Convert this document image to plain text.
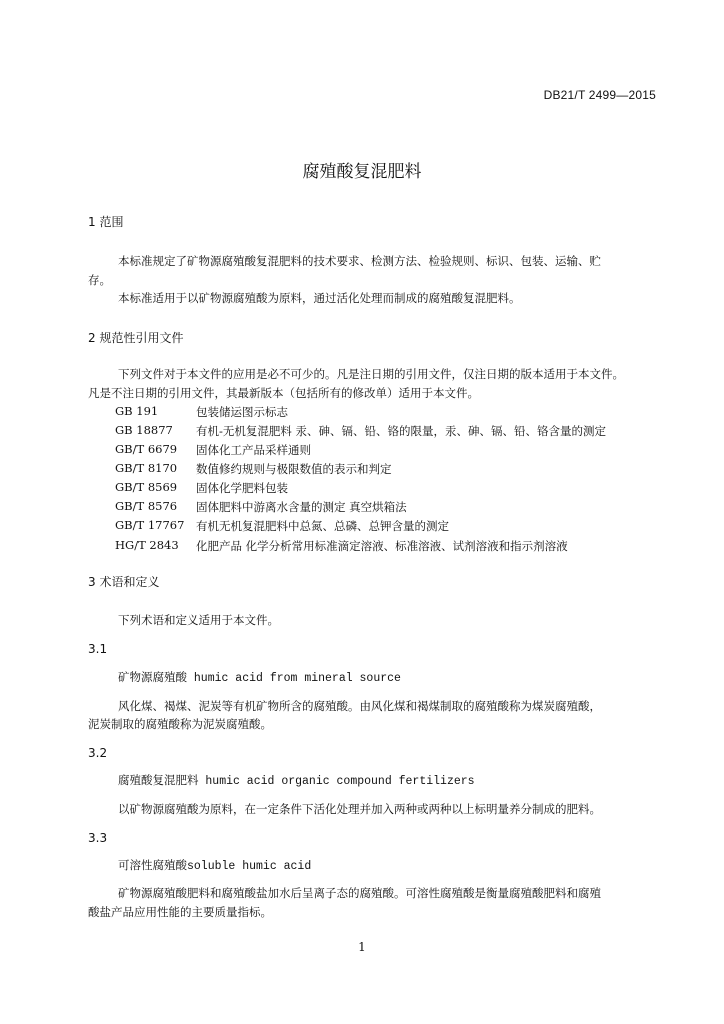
DB21/T 2499—2015
腐殖酸复混肥料
1 范围
本标准规定了矿物源腐殖酸复混肥料的技术要求、检测方法、检验规则、标识、包装、运输、贮
存。
本标准适用于以矿物源腐殖酸为原料，通过活化处理而制成的腐殖酸复混肥料。
2 规范性引用文件
下列文件对于本文件的应用是必不可少的。凡是注日期的引用文件，仅注日期的版本适用于本文件。
凡是不注日期的引用文件，其最新版本（包括所有的修改单）适用于本文件。
GB 191	包装储运图示标志
GB 18877 有机-无机复混肥料 汞、砷、镉、铅、铬的限量，汞、砷、镉、铅、铬含量的测定
GB/T 6679 固体化工产品采样通则
GB/T 8170 数值修约规则与极限数值的表示和判定
GB/T 8569 固体化学肥料包装
GB/T 8576 固体肥料中游离水含量的测定 真空烘箱法
GB/T 17767 有机无机复混肥料中总氮、总磷、总钾含量的测定
HG/T 2843 化肥产品 化学分析常用标准滴定溶液、标准溶液、试剂溶液和指示剂溶液
3 术语和定义
下列术语和定义适用于本文件。
3.1
矿物源腐殖酸 humic acid from mineral source
风化煤、褐煤、泥炭等有机矿物所含的腐殖酸。由风化煤和褐煤制取的腐殖酸称为煤炭腐殖酸，
泥炭制取的腐殖酸称为泥炭腐殖酸。
3.2
腐殖酸复混肥料 humic acid organic compound fertilizers
以矿物源腐殖酸为原料，在一定条件下活化处理并加入两种或两种以上标明量养分制成的肥料。
3.3
可溶性腐殖酸soluble humic acid
矿物源腐殖酸肥料和腐殖酸盐加水后呈离子态的腐殖酸。可溶性腐殖酸是衡量腐殖酸肥料和腐殖
酸盐产品应用性能的主要质量指标。
1
